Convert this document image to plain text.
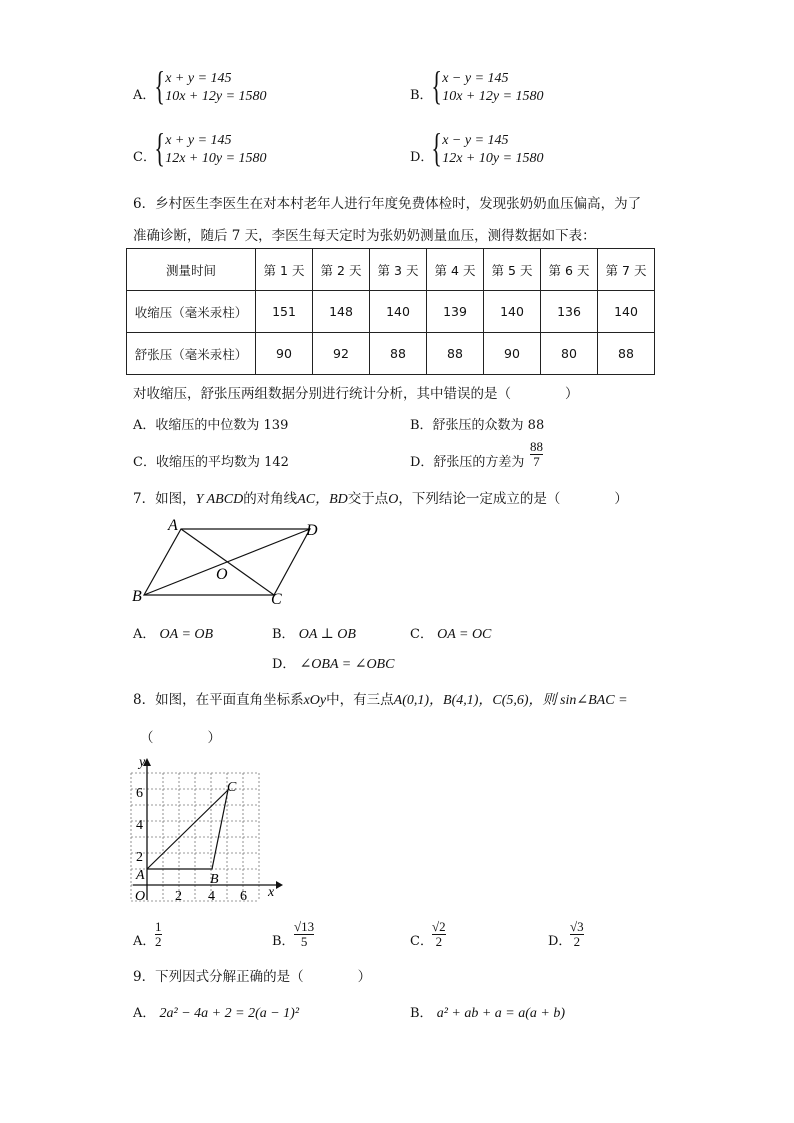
A．
{ x + y = 145
10x + 12y = 1580	B．
{ x − y = 145
10x + 12y = 1580
C．
{ x + y = 145
12x + 10y = 1580	D．
{ x − y = 145
12x + 10y = 1580
6．乡村医生李医生在对本村老年人进行年度免费体检时，发现张奶奶血压偏高，为了
准确诊断，随后 7 天，李医生每天定时为张奶奶测量血压，测得数据如下表：
测量时间	第 1 天	第 2 天	第 3 天	第 4 天	第 5 天	第 6 天	第 7 天
收缩压（毫米汞柱）	151	148	140	139	140	136	140
舒张压（毫米汞柱）	90	92	88	88	90	80	88
对收缩压，舒张压两组数据分别进行统计分析，其中错误的是（　　　　）
A．收缩压的中位数为 139	B．舒张压的众数为 88
C．收缩压的平均数为 142	D．舒张压的方差为 $\frac{88}{7}$
7．如图，Y ABCD的对角线AC，BD交于点O，下列结论一定成立的是（　　　　）
A	D
B	C
O
A． OA = OB	B． OA ⊥ OB	C． OA = OC
D． ∠OBA = ∠OBC
8．如图，在平面直角坐标系xOy中，有三点A(0,1)，B(4,1)，C(5,6)，则 sin∠BAC =
（　　　　）
y
x
O
2
4
6
2 4 6
A	B
C
A． $\frac{1}{2}$	B． $\frac{√13}{5}$	C． $\frac{√2}{2}$	D．
$\frac{√3}{2}$
9．下列因式分解正确的是（　　　　）
A． 2a² − 4a + 2 = 2(a − 1)²	B． a² + ab + a = a(a + b)
